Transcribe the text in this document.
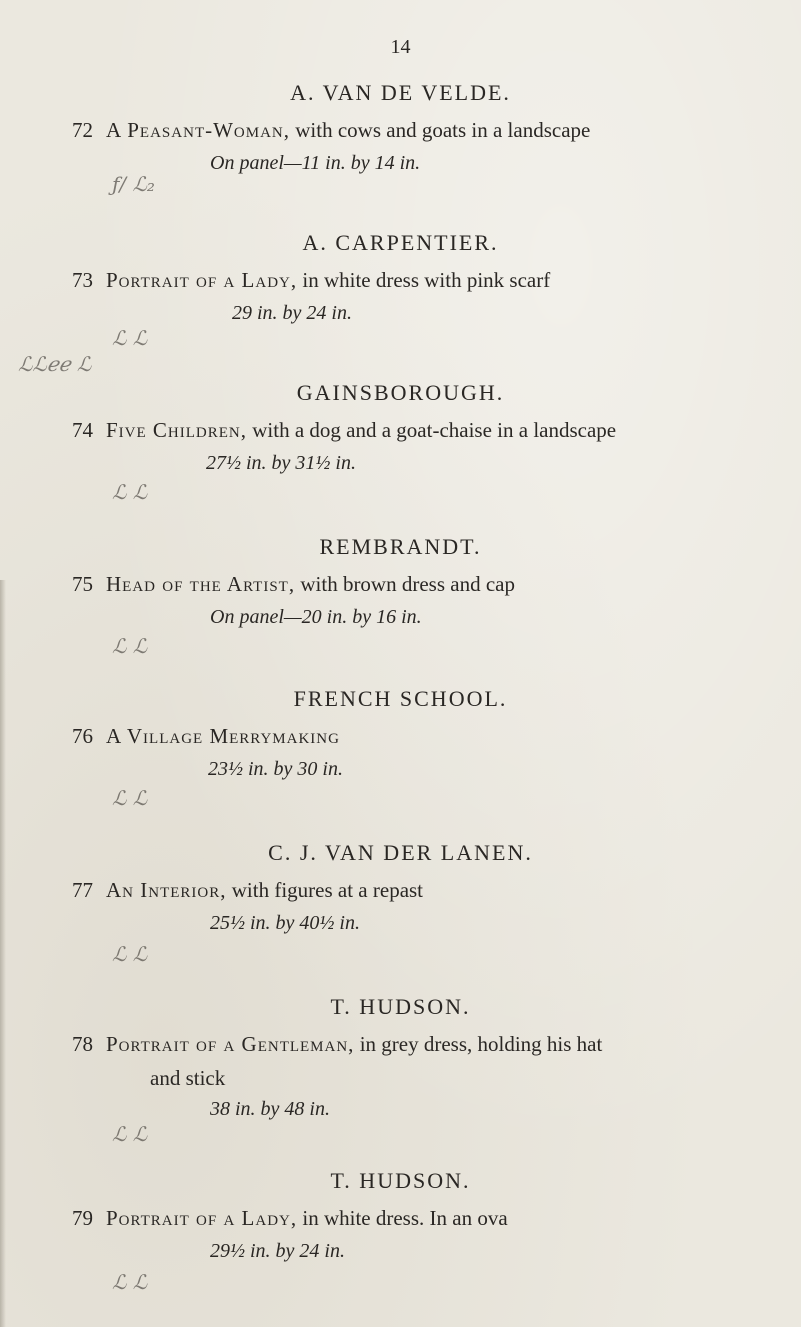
14
A. VAN DE VELDE.
72 A Peasant-Woman, with cows and goats in a landscape
On panel—11 in. by 14 in.
ƒ/ ℒ₂
A. CARPENTIER.
73 Portrait of a Lady, in white dress with pink scarf
29 in. by 24 in.
ℒ ℒ
ℒℒℯℯ ℒ
GAINSBOROUGH.
74 Five Children, with a dog and a goat-chaise in a landscape
27½ in. by 31½ in.
ℒ ℒ
REMBRANDT.
75 Head of the Artist, with brown dress and cap
On panel—20 in. by 16 in.
ℒ ℒ
FRENCH SCHOOL.
76 A Village Merrymaking
23½ in. by 30 in.
ℒ ℒ
C. J. VAN DER LANEN.
77 An Interior, with figures at a repast
25½ in. by 40½ in.
ℒ ℒ
T. HUDSON.
78 Portrait of a Gentleman, in grey dress, holding his hat
and stick
38 in. by 48 in.
ℒ ℒ
T. HUDSON.
79 Portrait of a Lady, in white dress. In an ova
29½ in. by 24 in.
ℒ ℒ
